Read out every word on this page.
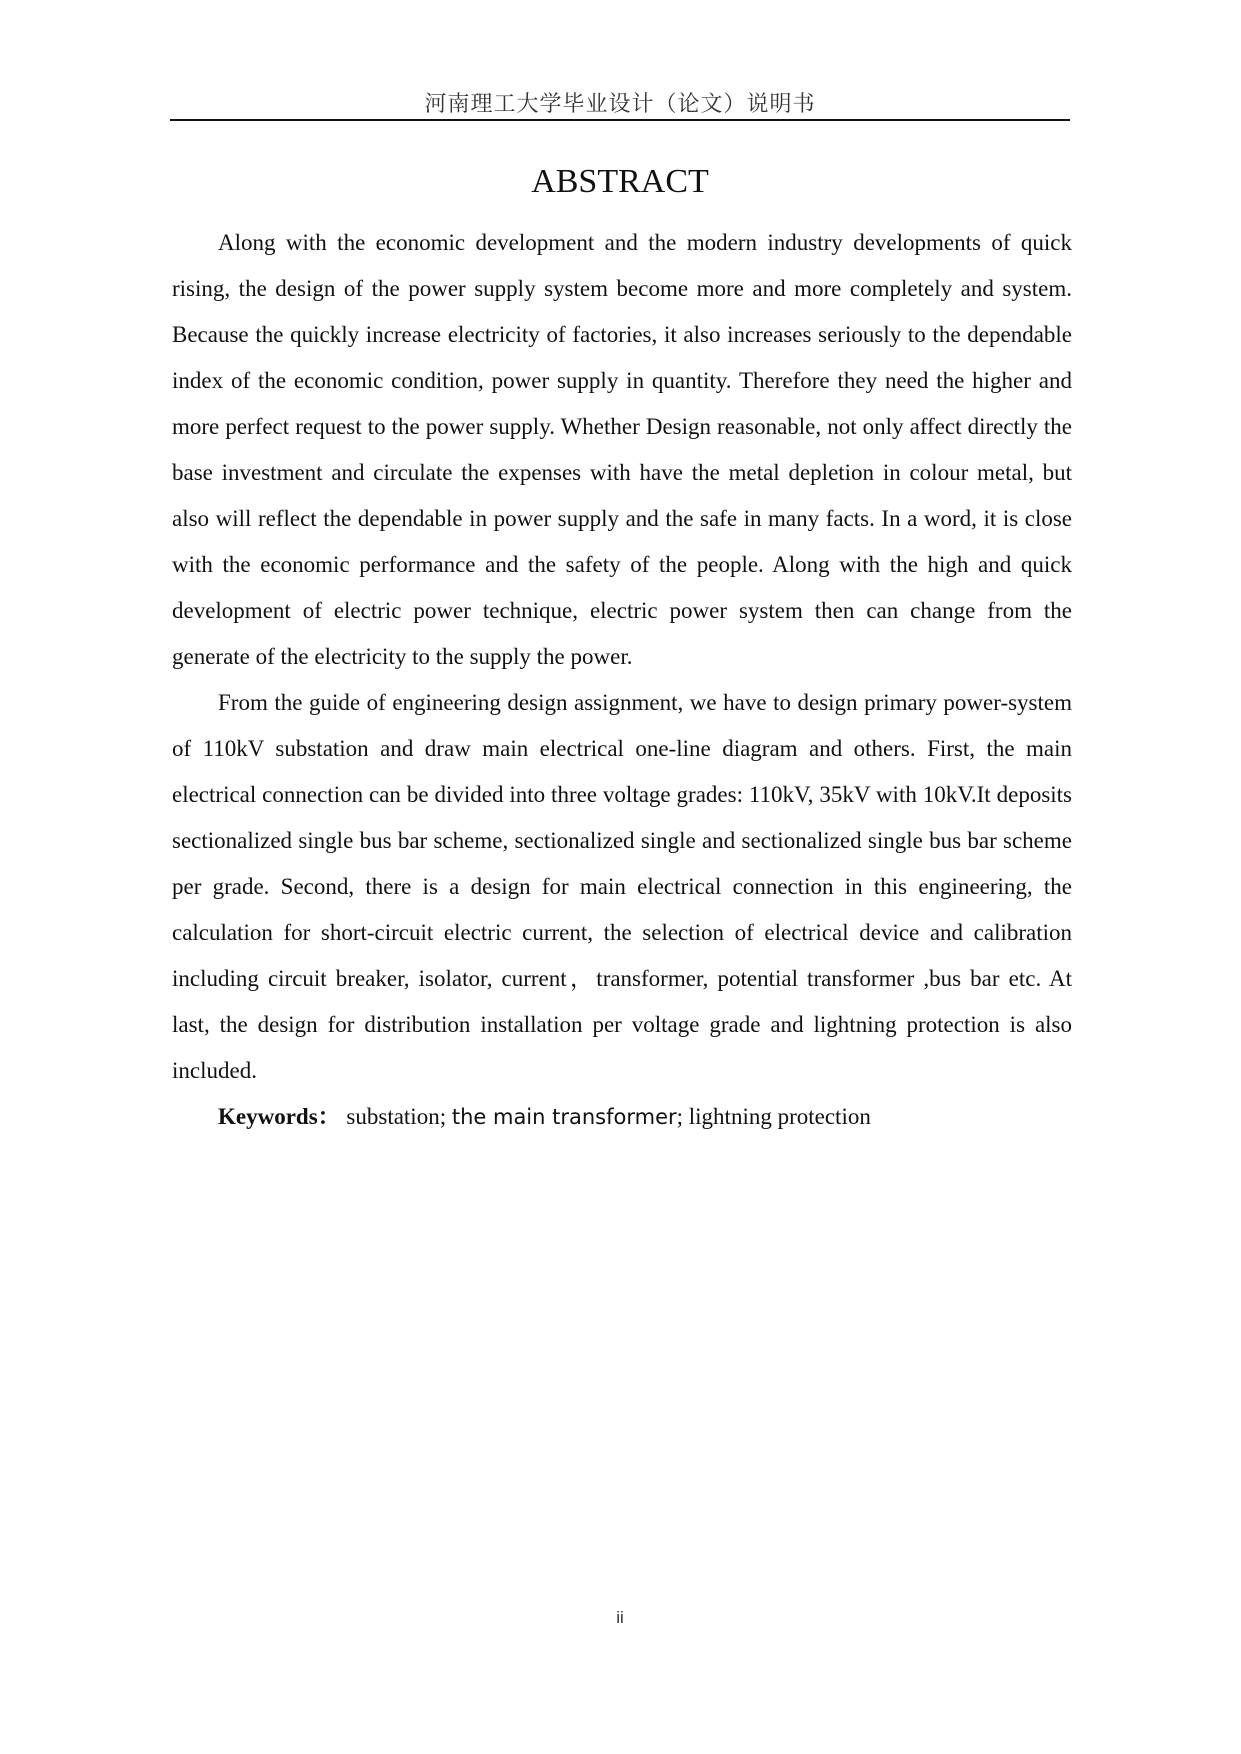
河南理工大学毕业设计（论文）说明书
ABSTRACT

Along with the economic development and the modern industry developments of quick rising, the design of the power supply system become more and more completely and system. Because the quickly increase electricity of factories, it also increases seriously to the dependable index of the economic condition, power supply in quantity. Therefore they need the higher and more perfect request to the power supply. Whether Design reasonable, not only affect directly the base investment and circulate the expenses with have the metal depletion in colour metal, but also will reflect the dependable in power supply and the safe in many facts. In a word, it is close with the economic performance and the safety of the people. Along with the high and quick development of electric power technique, electric power system then can change from the generate of the electricity to the supply the power.

From the guide of engineering design assignment, we have to design primary power-system of 110kV substation and draw main electrical one-line diagram and others. First, the main electrical connection can be divided into three voltage grades: 110kV, 35kV with 10kV.It deposits sectionalized single bus bar scheme, sectionalized single and sectionalized single bus bar scheme per grade. Second, there is a design for main electrical connection in this engineering, the calculation for short-circuit electric current, the selection of electrical device and calibration including circuit breaker, isolator, current，transformer, potential transformer ,bus bar etc. At last, the design for distribution installation per voltage grade and lightning protection is also included.

Keywords： substation; the main transformer; lightning protection

ii
